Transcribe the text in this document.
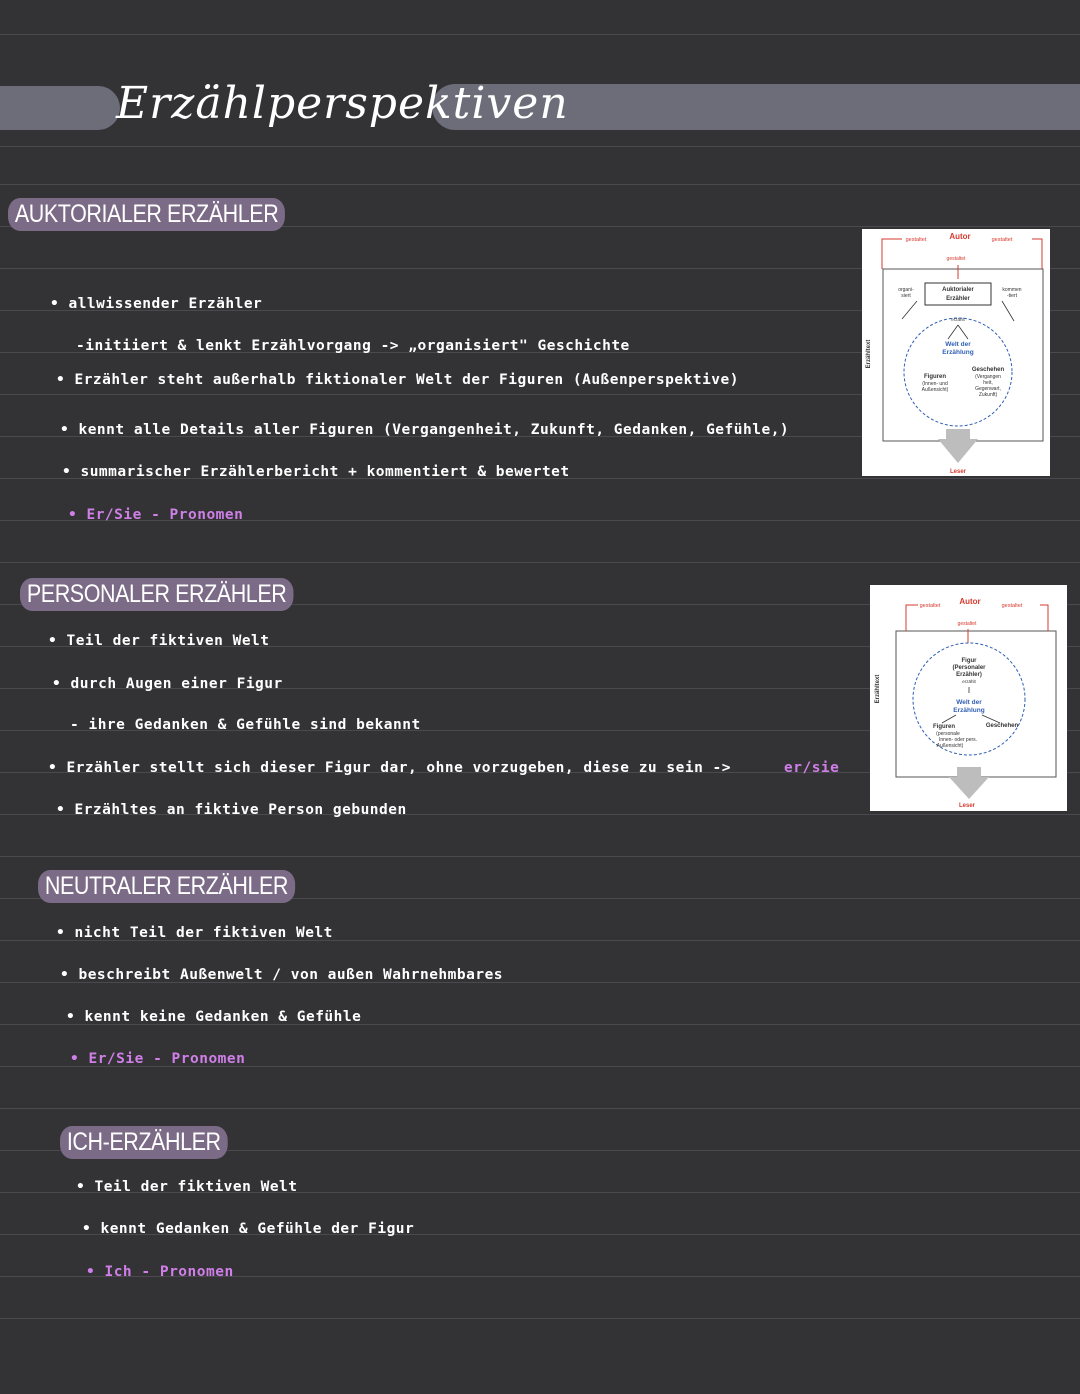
Erzählperspektiven
AUKTORIALER ERZÄHLER
• allwissender Erzähler
-initiiert & lenkt Erzählvorgang -> „organisiert" Geschichte
• Erzähler steht außerhalb fiktionaler Welt der Figuren (Außenperspektive)
• kennt alle Details aller Figuren (Vergangenheit, Zukunft, Gedanken, Gefühle,)
• summarischer Erzählerbericht + kommentiert & bewertet
• Er/Sie - Pronomen
Erzähltext
gestaltet	Autor	gestaltet
gestaltet
Auktorialer
Erzähler
organi-
siert
kommen
-tiert
erzählt
Welt der
Erzählung
Figuren
(Innen- und
Außensicht)
Geschehen
(Vergangen
heit,
Gegenwart,
Zukunft)
Leser
PERSONALER ERZÄHLER
• Teil der fiktiven Welt
• durch Augen einer Figur
- ihre Gedanken & Gefühle sind bekannt
• Erzähler stellt sich dieser Figur dar, ohne vorzugeben, diese zu sein ->	er/sie
• Erzähltes an fiktive Person gebunden
Erzähltext
gestaltet Autor	gestaltet
gestaltet
Figur
(Personaler
Erzähler)
erzählt
Welt der
Erzählung
Figuren
(personale
Innen- oder pers.
Außensicht)
Geschehen
Leser
NEUTRALER ERZÄHLER
• nicht Teil der fiktiven Welt
• beschreibt Außenwelt / von außen Wahrnehmbares
• kennt keine Gedanken & Gefühle
• Er/Sie - Pronomen
ICH-ERZÄHLER
• Teil der fiktiven Welt
• kennt Gedanken & Gefühle der Figur
• Ich - Pronomen
